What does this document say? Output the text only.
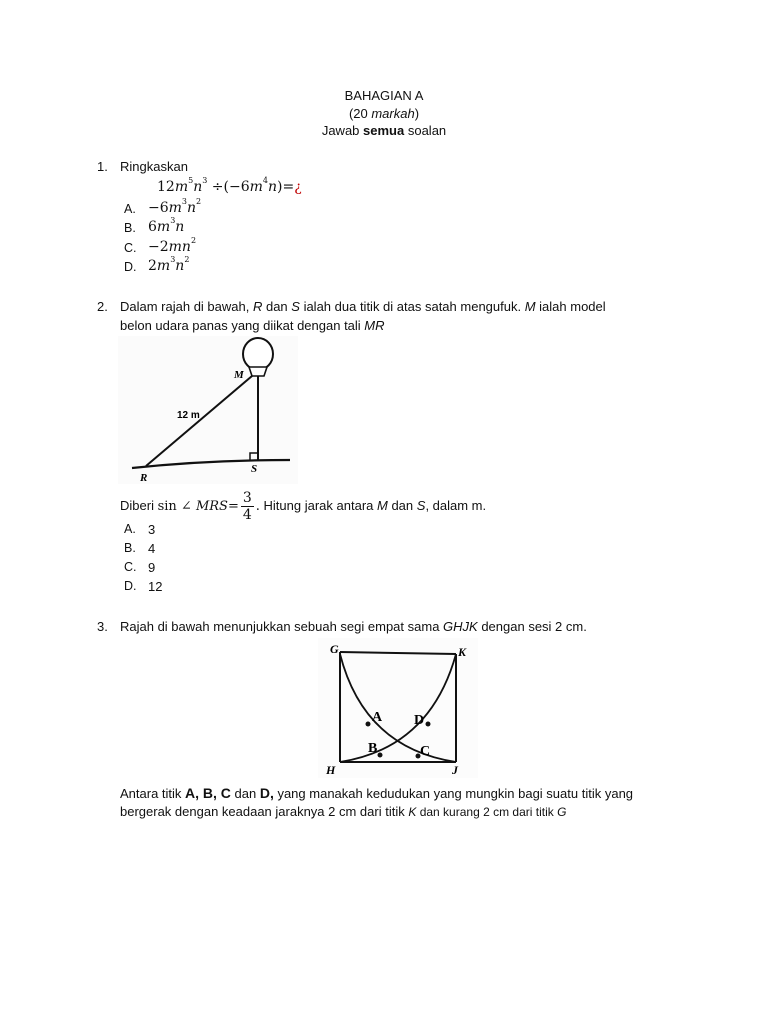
BAHAGIAN A
(20 markah)
Jawab semua soalan
1. Ringkaskan
$12m^5n^3$ $\div(-6m^4n)=¿$
A. $-6m^3n^2$
B. $6m^3n$
C. $-2mn^2$
D. $2m^3n^2$
2. Dalam rajah di bawah, R dan S ialah dua titik di atas satah mengufuk. M ialah model
belon udara panas yang diikat dengan tali MR
M
R
S
12 m
Diberi sin ∠ $MRS= \frac{3}{4}$ . Hitung jarak antara M dan S, dalam m.
A. 3
B. 4
C. 9
D. 12
3. Rajah di bawah menunjukkan sebuah segi empat sama GHJK dengan sesi 2 cm.
G	K
H	J
A D
B	C
Antara titik A, B, C dan D, yang manakah kedudukan yang mungkin bagi suatu titik yang
bergerak dengan keadaan jaraknya 2 cm dari titik K dan kurang 2 cm dari titik G
